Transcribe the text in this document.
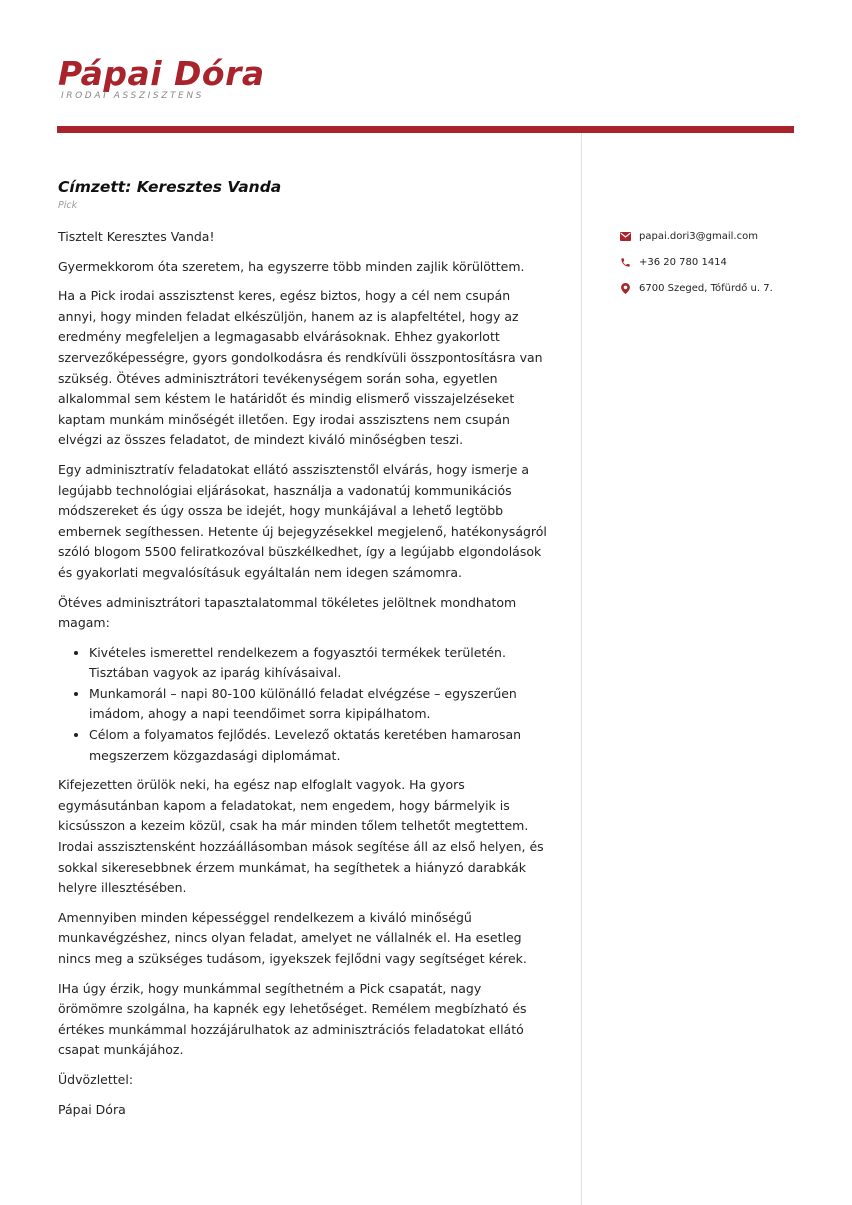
Pápai Dóra
IRODAI ASSZISZTENS
Címzett: Keresztes Vanda
Pick

Tisztelt Keresztes Vanda!

Gyermekkorom óta szeretem, ha egyszerre több minden zajlik körülöttem.

Ha a Pick irodai asszisztenst keres, egész biztos, hogy a cél nem csupán annyi, hogy minden feladat elkészüljön, hanem az is alapfeltétel, hogy az eredmény megfeleljen a legmagasabb elvárásoknak. Ehhez gyakorlott szervezőképességre, gyors gondolkodásra és rendkívüli összpontosításra van szükség. Ötéves adminisztrátori tevékenységem során soha, egyetlen alkalommal sem késtem le határidőt és mindig elismerő visszajelzéseket kaptam munkám minőségét illetően. Egy irodai asszisztens nem csupán elvégzi az összes feladatot, de mindezt kiváló minőségben teszi.

Egy adminisztratív feladatokat ellátó asszisztenstől elvárás, hogy ismerje a legújabb technológiai eljárásokat, használja a vadonatúj kommunikációs módszereket és úgy ossza be idejét, hogy munkájával a lehető legtöbb embernek segíthessen. Hetente új bejegyzésekkel megjelenő, hatékonyságról szóló blogom 5500 feliratkozóval büszkélkedhet, így a legújabb elgondolások és gyakorlati megvalósításuk egyáltalán nem idegen számomra.

Ötéves adminisztrátori tapasztalatommal tökéletes jelöltnek mondhatom magam:

• Kivételes ismerettel rendelkezem a fogyasztói termékek területén. Tisztában vagyok az iparág kihívásaival.
• Munkamorál – napi 80-100 különálló feladat elvégzése – egyszerűen imádom, ahogy a napi teendőimet sorra kipipálhatom.
• Célom a folyamatos fejlődés. Levelező oktatás keretében hamarosan megszerzem közgazdasági diplomámat.

Kifejezetten örülök neki, ha egész nap elfoglalt vagyok. Ha gyors egymásutánban kapom a feladatokat, nem engedem, hogy bármelyik is kicsússzon a kezeim közül, csak ha már minden tőlem telhetőt megtettem. Irodai asszisztensként hozzáállásomban mások segítése áll az első helyen, és sokkal sikeresebbnek érzem munkámat, ha segíthetek a hiányzó darabkák helyre illesztésében.

Amennyiben minden képességgel rendelkezem a kiváló minőségű munkavégzéshez, nincs olyan feladat, amelyet ne vállalnék el. Ha esetleg nincs meg a szükséges tudásom, igyekszek fejlődni vagy segítséget kérek.

IHa úgy érzik, hogy munkámmal segíthetném a Pick csapatát, nagy örömömre szolgálna, ha kapnék egy lehetőséget. Remélem megbízható és értékes munkámmal hozzájárulhatok az adminisztrációs feladatokat ellátó csapat munkájához.

Üdvözlettel:

Pápai Dóra

papai.dori3@gmail.com
+36 20 780 1414
6700 Szeged, Tófürdő u. 7.
